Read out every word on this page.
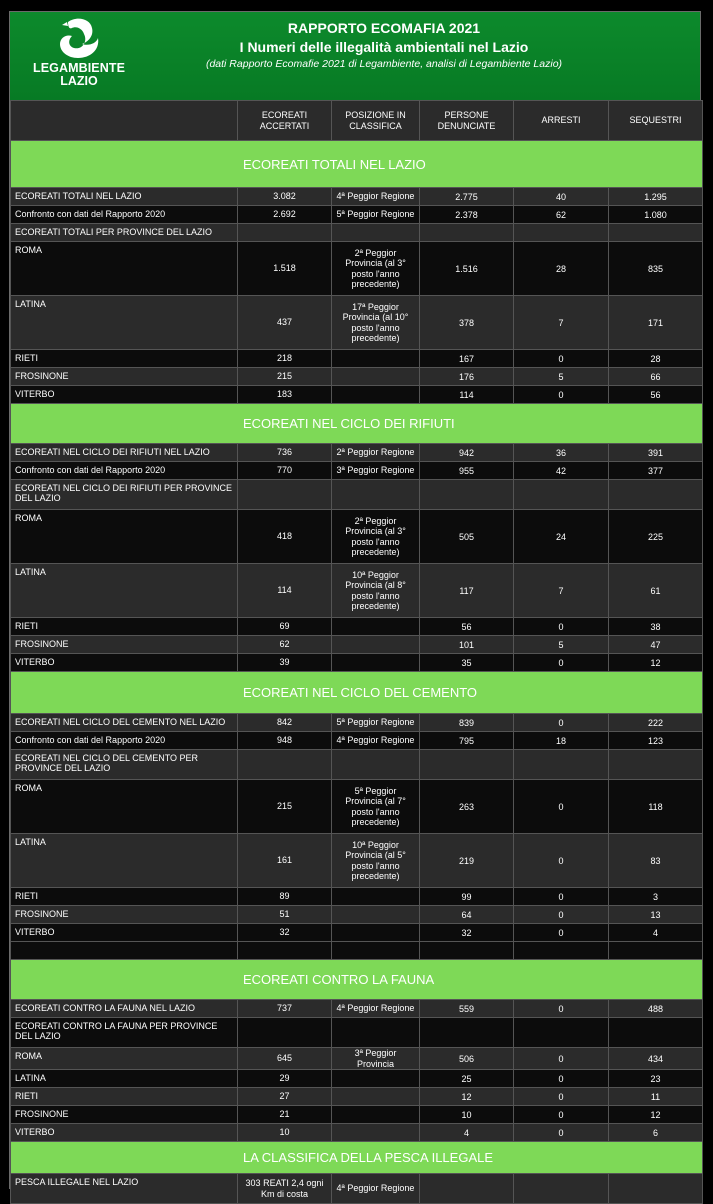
LEGAMBIENTE
LAZIO
RAPPORTO ECOMAFIA 2021
I Numeri delle illegalità ambientali nel Lazio
(dati Rapporto Ecomafie 2021 di Legambiente, analisi di Legambiente Lazio)
	ECOREATI ACCERTATI	POSIZIONE IN CLASSIFICA	PERSONE DENUNCIATE	ARRESTI	SEQUESTRI
ECOREATI TOTALI NEL LAZIO					
ECOREATI TOTALI NEL LAZIO	3.082	4ª Peggior Regione	2.775	40	1.295
Confronto con dati del Rapporto 2020	2.692	5ª Peggior Regione	2.378	62	1.080
ECOREATI TOTALI PER PROVINCE DEL LAZIO					
ROMA	1.518	2ª Peggior Provincia (al 3° posto l'anno precedente)	1.516	28	835
LATINA	437	17ª Peggior Provincia (al 10° posto l'anno precedente)	378	7	171
RIETI	218		167	0	28
FROSINONE	215		176	5	66
VITERBO	183		114	0	56
ECOREATI NEL CICLO DEI RIFIUTI					
ECOREATI NEL CICLO DEI RIFIUTI NEL LAZIO	736	2ª Peggior Regione	942	36	391
Confronto con dati del Rapporto 2020	770	3ª Peggior Regione	955	42	377
ECOREATI NEL CICLO DEI RIFIUTI PER PROVINCE DEL LAZIO					
ROMA	418	2ª Peggior Provincia (al 3° posto l'anno precedente)	505	24	225
LATINA	114	10ª Peggior Provincia (al 8° posto l'anno precedente)	117	7	61
RIETI	69		56	0	38
FROSINONE	62		101	5	47
VITERBO	39		35	0	12
ECOREATI NEL CICLO DEL CEMENTO					
ECOREATI NEL CICLO DEL CEMENTO NEL LAZIO	842	5ª Peggior Regione	839	0	222
Confronto con dati del Rapporto 2020	948	4ª Peggior Regione	795	18	123
ECOREATI NEL CICLO DEL CEMENTO PER PROVINCE DEL LAZIO					
ROMA	215	5ª Peggior Provincia (al 7° posto l'anno precedente)	263	0	118
LATINA	161	10ª Peggior Provincia (al 5° posto l'anno precedente)	219	0	83
RIETI	89		99	0	3
FROSINONE	51		64	0	13
VITERBO	32		32	0	4

ECOREATI CONTRO LA FAUNA					
ECOREATI CONTRO LA FAUNA NEL LAZIO	737	4ª Peggior Regione	559	0	488
ECOREATI CONTRO LA FAUNA PER PROVINCE DEL LAZIO					
ROMA	645	3ª Peggior Provincia	506	0	434
LATINA	29		25	0	23
RIETI	27		12	0	11
FROSINONE	21		10	0	12
VITERBO	10		4	0	6
LA CLASSIFICA DELLA PESCA ILLEGALE					
PESCA ILLEGALE NEL LAZIO	303 REATI 2,4 ogni Km di costa	4ª Peggior Regione			
